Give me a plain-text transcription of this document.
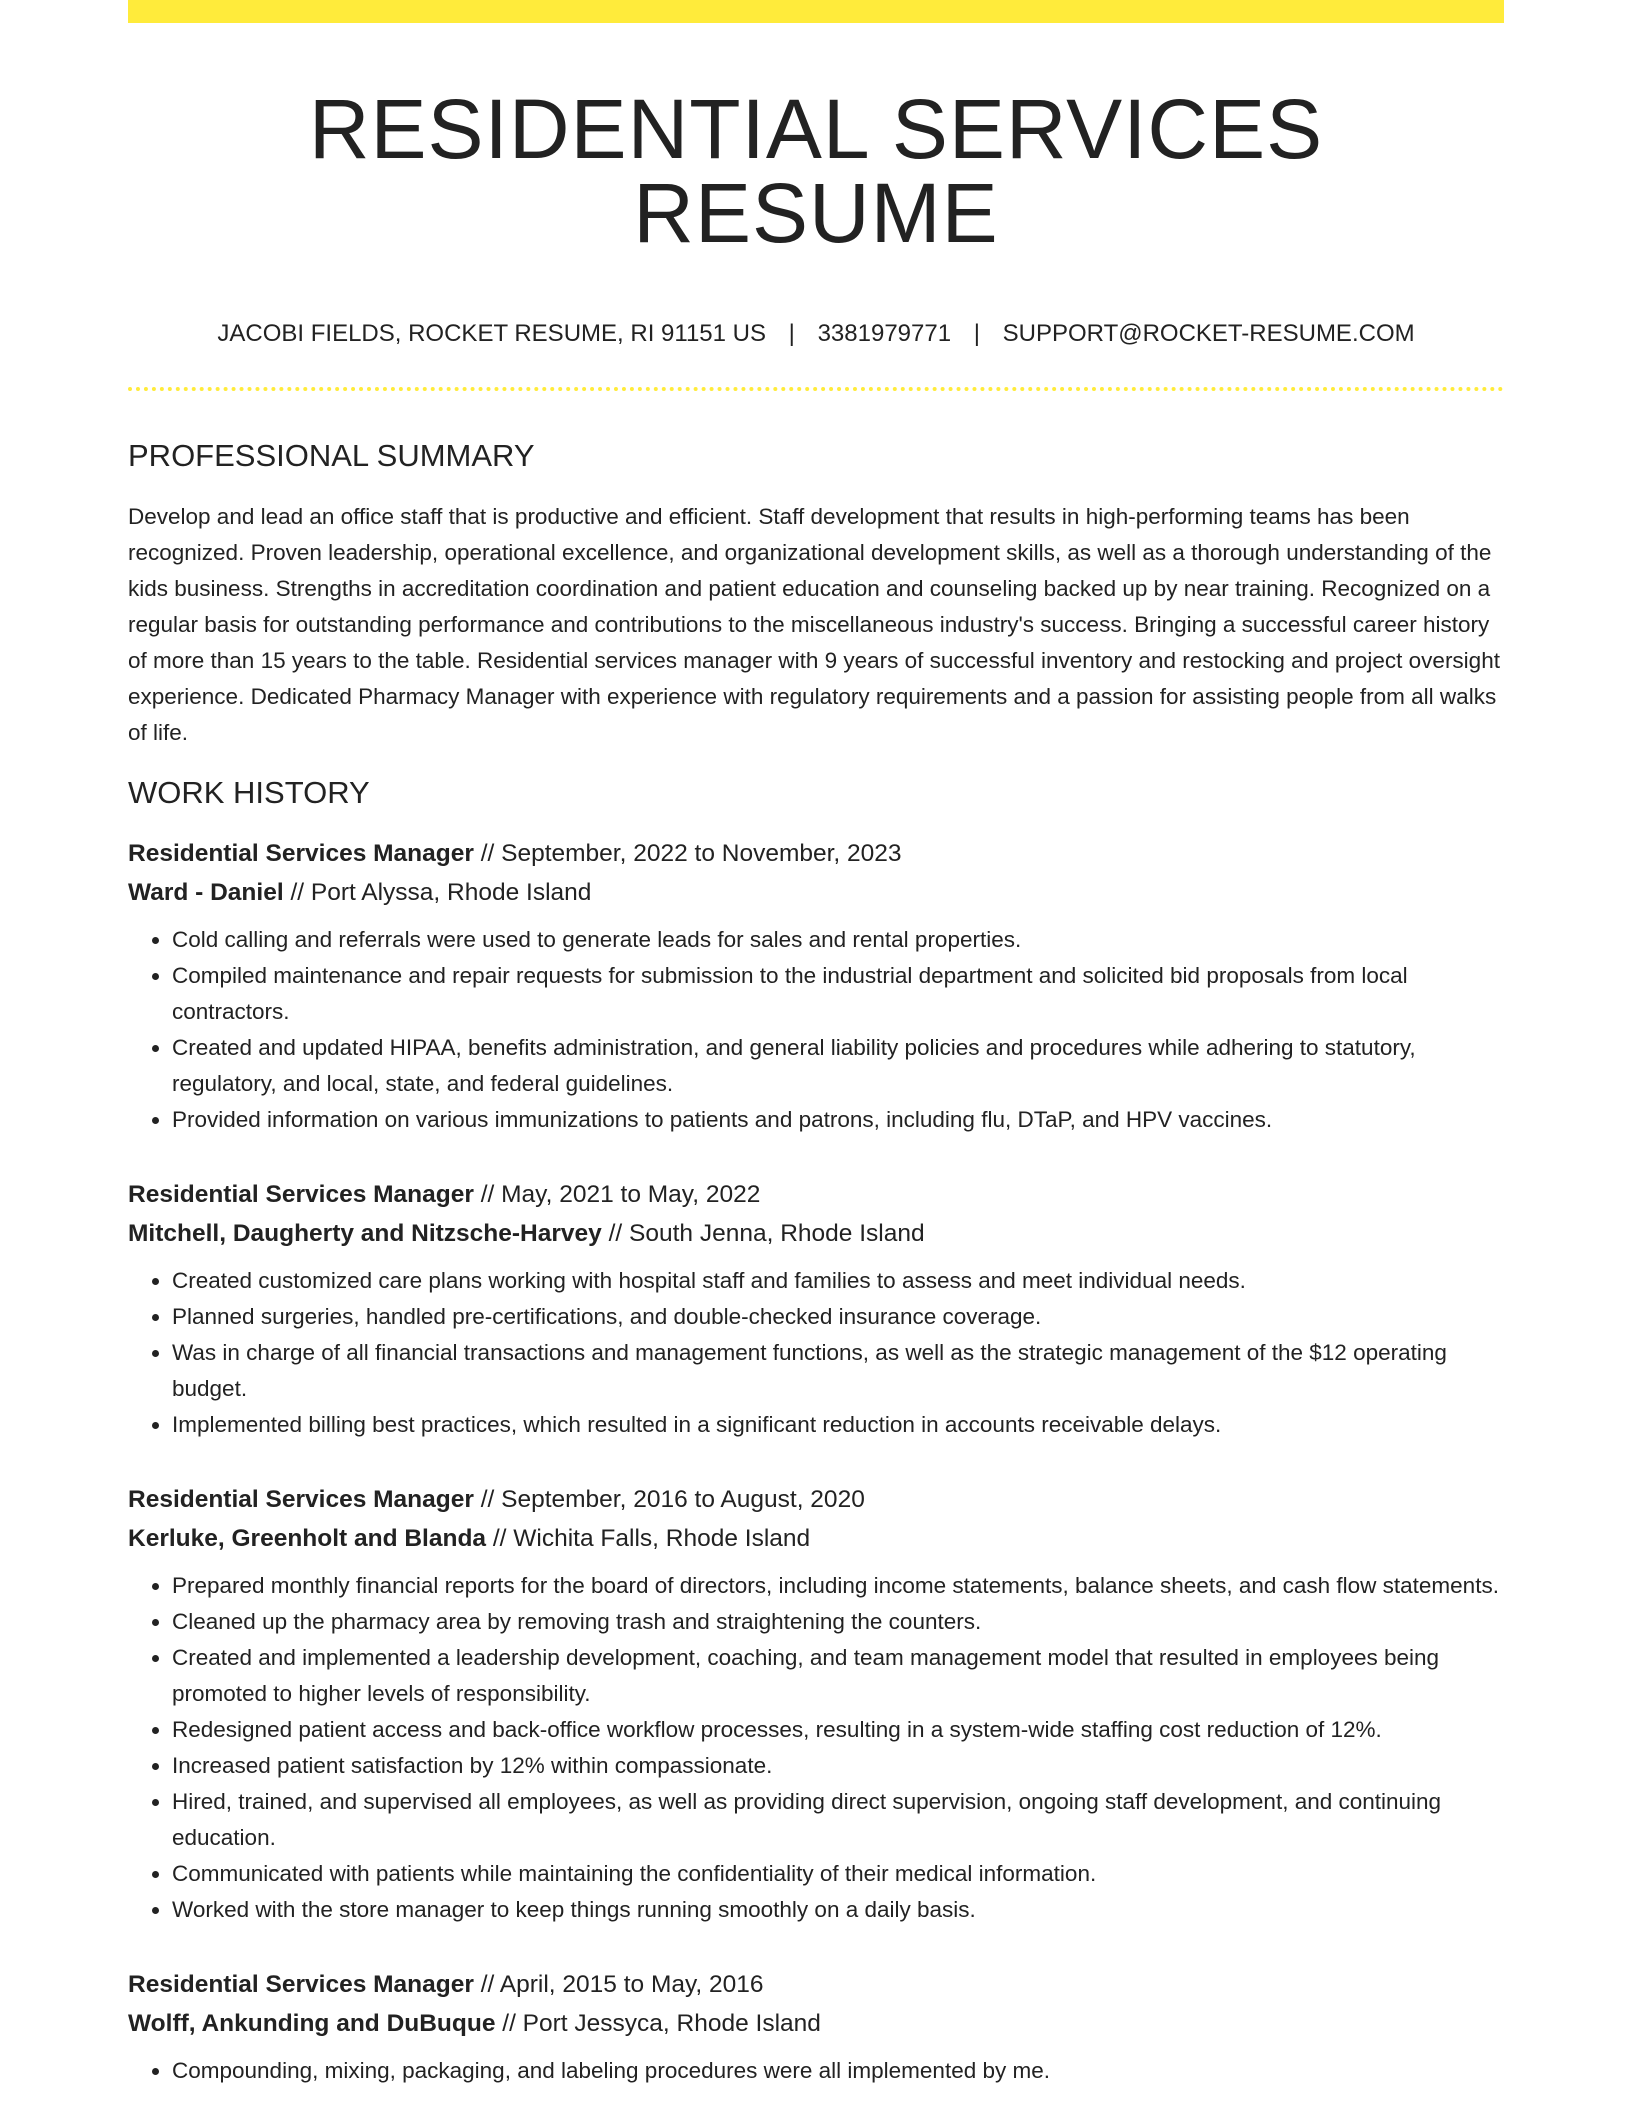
RESIDENTIAL SERVICES RESUME
JACOBI FIELDS, ROCKET RESUME, RI 91151 US | 3381979771 | SUPPORT@ROCKET-RESUME.COM
PROFESSIONAL SUMMARY

Develop and lead an office staff that is productive and efficient. Staff development that results in high-performing teams has been recognized. Proven leadership, operational excellence, and organizational development skills, as well as a thorough understanding of the kids business. Strengths in accreditation coordination and patient education and counseling backed up by near training. Recognized on a regular basis for outstanding performance and contributions to the miscellaneous industry's success. Bringing a successful career history of more than 15 years to the table. Residential services manager with 9 years of successful inventory and restocking and project oversight experience. Dedicated Pharmacy Manager with experience with regulatory requirements and a passion for assisting people from all walks of life.

WORK HISTORY
Residential Services Manager // September, 2022 to November, 2023
Ward - Daniel // Port Alyssa, Rhode Island
• Cold calling and referrals were used to generate leads for sales and rental properties.
• Compiled maintenance and repair requests for submission to the industrial department and solicited bid proposals from local contractors.
• Created and updated HIPAA, benefits administration, and general liability policies and procedures while adhering to statutory, regulatory, and local, state, and federal guidelines.
• Provided information on various immunizations to patients and patrons, including flu, DTaP, and HPV vaccines.
Residential Services Manager // May, 2021 to May, 2022
Mitchell, Daugherty and Nitzsche-Harvey // South Jenna, Rhode Island
• Created customized care plans working with hospital staff and families to assess and meet individual needs.
• Planned surgeries, handled pre-certifications, and double-checked insurance coverage.
• Was in charge of all financial transactions and management functions, as well as the strategic management of the $12 operating budget.
• Implemented billing best practices, which resulted in a significant reduction in accounts receivable delays.
Residential Services Manager // September, 2016 to August, 2020
Kerluke, Greenholt and Blanda // Wichita Falls, Rhode Island
• Prepared monthly financial reports for the board of directors, including income statements, balance sheets, and cash flow statements.
• Cleaned up the pharmacy area by removing trash and straightening the counters.
• Created and implemented a leadership development, coaching, and team management model that resulted in employees being promoted to higher levels of responsibility.
• Redesigned patient access and back-office workflow processes, resulting in a system-wide staffing cost reduction of 12%.
• Increased patient satisfaction by 12% within compassionate.
• Hired, trained, and supervised all employees, as well as providing direct supervision, ongoing staff development, and continuing education.
• Communicated with patients while maintaining the confidentiality of their medical information.
• Worked with the store manager to keep things running smoothly on a daily basis.
Residential Services Manager // April, 2015 to May, 2016
Wolff, Ankunding and DuBuque // Port Jessyca, Rhode Island
• Compounding, mixing, packaging, and labeling procedures were all implemented by me.
